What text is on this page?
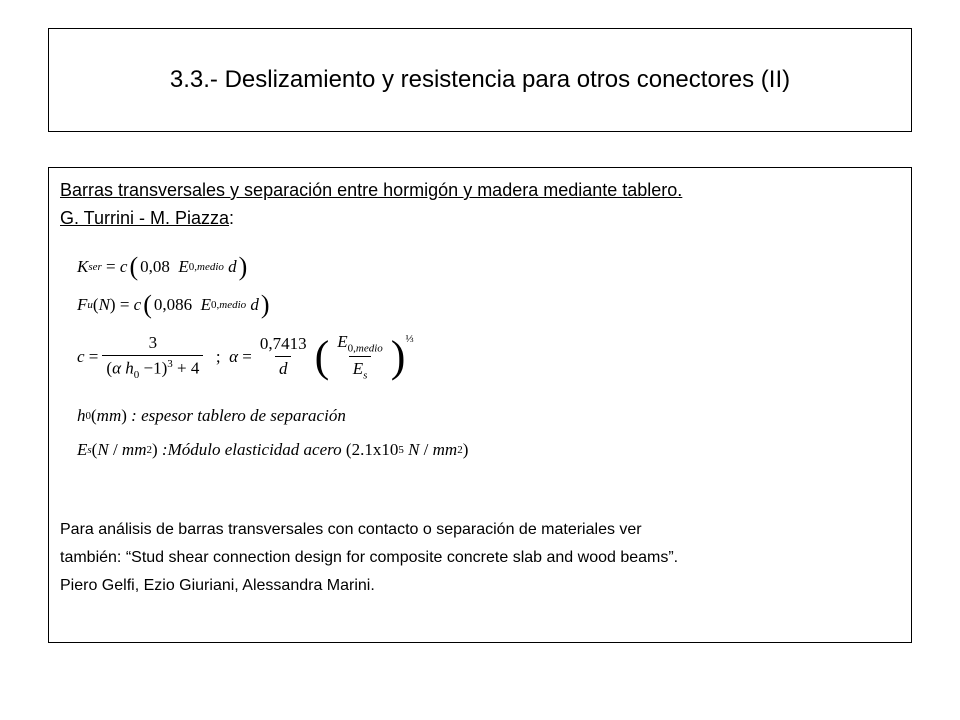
3.3.- Deslizamiento y resistencia para otros conectores (II)

Barras transversales y separación entre hormigón y madera mediante tablero.

G. Turrini - M. Piazza:

K ser = c ( 0,08
E 0,medio
d )
F u ( N ) = c ( 0,086
E 0,medio
d )
$c = \frac{3}{(\alpha h_0 -1)^3 + 4}$ ; $\alpha = \frac{0,7413}{d}$ ( $\frac{E_{0,medio}}{E_s} )^{\frac{1}{3}}$
h 0 ( mm ) : espesor tablero de separación
E s ( N / mm 2 ) :Módulo elasticidad acero ( 2.1x10 5
N / mm 2 )

Para análisis de barras transversales con contacto o separación de materiales ver

también: “Stud shear connection design for composite concrete slab and wood beams”.

Piero Gelfi, Ezio Giuriani, Alessandra Marini.
